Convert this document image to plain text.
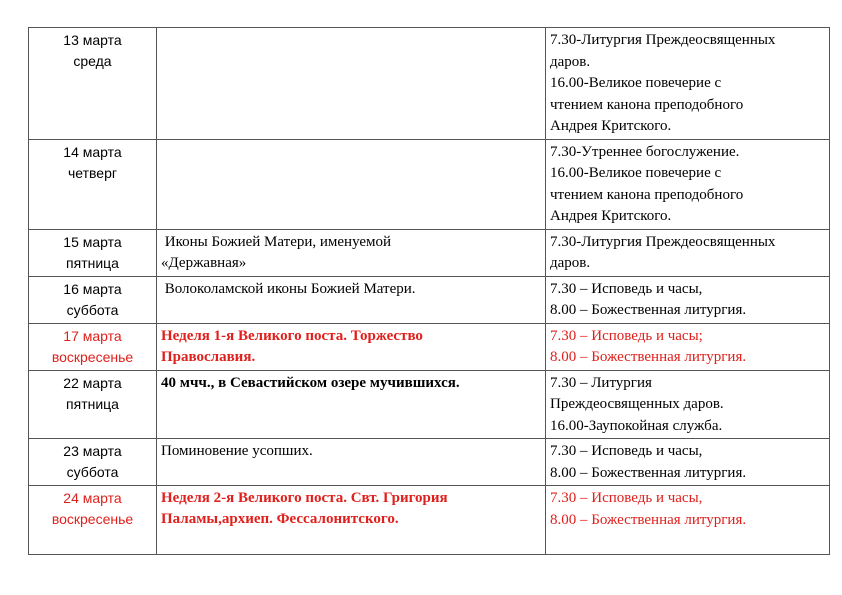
13 марта
среда		7.30-Литургия Преждеосвященных
даров.
16.00-Великое повечерие с
чтением канона преподобного
Андрея Критского.

14 марта
четверг		7.30-Утреннее богослужение.
16.00-Великое повечерие с
чтением канона преподобного
Андрея Критского.

15 марта
пятница	Иконы Божией Матери, именуемой
«Державная»	7.30-Литургия Преждеосвященных
даров.

16 марта
суббота	Волоколамской иконы Божией Матери.	7.30 – Исповедь и часы,
8.00 – Божественная литургия.

17 марта
воскресенье	Неделя 1-я Великого поста. Торжество
Православия.	7.30 – Исповедь и часы;
8.00 – Божественная литургия.

22 марта
пятница	40 мчч., в Севастийском озере мучившихся.	7.30 – Литургия
Преждеосвященных даров.
16.00-Заупокойная служба.

23 марта
суббота	Поминовение усопших.	7.30 – Исповедь и часы,
8.00 – Божественная литургия.

24 марта
воскресенье	Неделя 2-я Великого поста. Свт. Григория
Паламы,архиеп. Фессалонитского.	7.30 – Исповедь и часы,
8.00 – Божественная литургия.
